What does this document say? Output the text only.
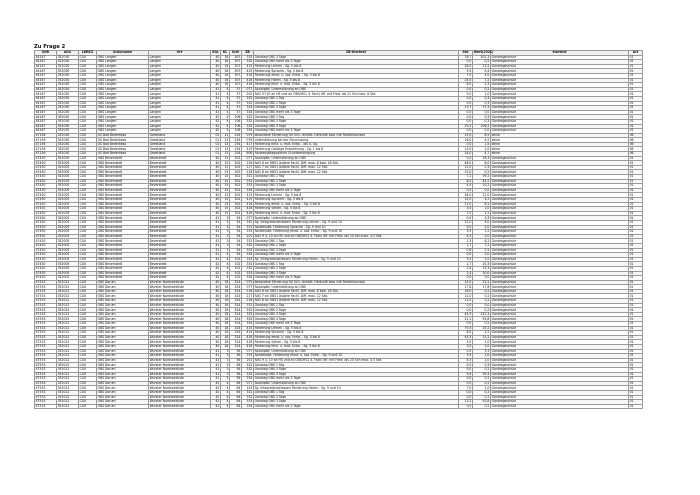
Zu Frage 2
SNR	AGS	LKRKZ	Schulname	Ort	SGL	KL	Schl	ZB	ZB-Klartext	Std	Wert(2021)	Klartext	Art
44167	352030	CUX	OBS Langen	Langen	40	16	307	333	Ganztag OBS 3 Tage	78,7	301,3	Ganztagsschule	01
44167	352030	CUX	OBS Langen	Langen	40	16	307	335	Ganztag OBS mehr als 3 Tage	0,0	0,2	Ganztagsschule	01
44167	352030	CUX	OBS Langen	Langen	40	16	307	415	Förderung Lernen - Sg. 5 bis 8	28,0	13,2	Ganztagsschule	01
44167	352030	CUX	OBS Langen	Langen	40	16	307	415	Förderung Sprache - Sg. 5 bis 8	5,5	3,4	Ganztagsschule	01
44167	352030	CUX	OBS Langen	Langen	40	16	307	416	Förderung emot. u. soz. Entw. - Sg. 5 bis 8	7,0	4,0	Ganztagsschule	01
44167	352030	CUX	OBS Langen	Langen	40	16	307	416	Förderung Hören - Sg. 5 bis 8	24,5	7,2	Ganztagsschule	01
44167	352030	CUX	OBS Langen	Langen	40	16	307	418	Förderung Kmz. u. mot. Entw. - Sg. 5 bis 8	8,0	2,3	Ganztagsschule	01
44167	352030	CUX	OBS Langen	Langen	41	4	57	077	Sozialpäd. Unterstützung an OBS	0,0	0,2	Ganztagsschule	01
44167	352030	CUX	OBS Langen	Langen	41	4	57	202	SdG 9+10 an HS und an OBS/HS1 4. Fach/ öff. mit Freiz. ab 21 Sch max. 8 Std.	9,0	1,0	Ganztagsschule	01
44167	352030	CUX	OBS Langen	Langen	41	4	57	331	Ganztag OBS 1 Tag	0,0	0,3	Ganztagsschule	01
44167	352030	CUX	OBS Langen	Langen	41	4	57	332	Ganztag OBS 2 Tage	0,0	0,3	Ganztagsschule	01
44167	352030	CUX	OBS Langen	Langen	41	4	57	333	Ganztag OBS 3 Tage	13,7	57,3	Ganztagsschule	01
44167	352030	CUX	OBS Langen	Langen	41	4	57	334	Ganztag OBS mehr als 3 Tage	0,0	0,0	Ganztagsschule	01
44167	352030	CUX	OBS Langen	Langen	42	4	106	331	Ganztag OBS 1 Tag	0,0	0,3	Ganztagsschule	01
44167	352030	CUX	OBS Langen	Langen	42	4	106	332	Ganztag OBS 2 Tage	0,0	0,3	Ganztagsschule	01
44167	352030	CUX	OBS Langen	Langen	42	4	106	333	Ganztag OBS 3 Tage	25,5	106,2	Ganztagsschule	01
44167	352030	CUX	OBS Langen	Langen	42	4	106	334	Ganztag OBS mehr als 3 Tage	0,0	0,0	Ganztagsschule	01
47156	352030	CUX	GS Bad Bederkesa	Geestland	01	13	254	075	besondere Förderung für Sch. nichtdt. Herkunft bzw. mit Förderkonzept	15,0	8,5	keine	06
47156	352030	CUX	GS Bad Bederkesa	Geestland	01	13	254	076	Unterstützung bei der Einschulung	16,0	4,5	keine	06
47156	352030	CUX	GS Bad Bederkesa	Geestland	01	13	254	417	Förderung Kmz. u. mot. Entw. - bis 4. Sg.	0,0	1,5	keine	06
47156	352030	CUX	GS Bad Bederkesa	Geestland	01	13	254	419	Förderung Geistige Entwicklung - Sg. 1 bis 8	13,0	2,0	keine	06
47156	352030	CUX	GS Bad Bederkesa	Geestland	01	13	254	606	Sonderpädagogische Grundversorgung	24,0	4,7	keine	06
47430	352005	CUX	OBS Beverstedt	Beverstedt	40	13	302	077	Sozialpäd. Unterstützung an OBS	0,0	18,3	Ganztagsschule	01
47430	352005	CUX	OBS Beverstedt	Beverstedt	40	15	302	216	SdG 8 an OBS1 äußere Fachl. Diff. max. 8 bzw. 16 Std.	48,0	6,0	Ganztagsschule	01
47430	352005	CUX	OBS Beverstedt	Beverstedt	40	15	302	217	SdG 7 an OBS1 äußere Fachl. Diff. max. 12 Std.	12,0	0,3	Ganztagsschule	01
47430	352005	CUX	OBS Beverstedt	Beverstedt	40	15	302	218	SdG 8 an OBS1 äußere Fachl. Diff. max. 12 Std.	12,0	0,2	Ganztagsschule	01
47430	352005	CUX	OBS Beverstedt	Beverstedt	40	15	302	331	Ganztag OBS 1 Tag	7,2	39,2	Ganztagsschule	01
47430	352005	CUX	OBS Beverstedt	Beverstedt	40	15	302	332	Ganztag OBS 2 Tage	8,0	44,2	Ganztagsschule	01
47430	352005	CUX	OBS Beverstedt	Beverstedt	40	15	302	333	Ganztag OBS 3 Tage	4,9	20,2	Ganztagsschule	01
47430	352005	CUX	OBS Beverstedt	Beverstedt	40	15	302	334	Ganztag OBS mehr als 3 Tage	0,0	0,0	Ganztagsschule	01
47430	352005	CUX	OBS Beverstedt	Beverstedt	40	15	302	415	Förderung Lernen - Sg. 5 bis 8	36,0	12,0	Ganztagsschule	01
47430	352005	CUX	OBS Beverstedt	Beverstedt	40	15	302	415	Förderung Sprache - Sg. 5 bis 8	15,0	4,2	Ganztagsschule	01
47430	352005	CUX	OBS Beverstedt	Beverstedt	40	15	302	416	Förderung emot. u. soz. Entw. - Sg. 5 bis 8	21,0	6,2	Ganztagsschule	01
47430	352005	CUX	OBS Beverstedt	Beverstedt	40	15	302	416	Förderung Sehen - Sg. 5 bis 8	3,5	1,0	Ganztagsschule	01
47430	352005	CUX	OBS Beverstedt	Beverstedt	40	15	302	418	Förderung Kmz. u. mot. Entw. - Sg. 5 bis 8	7,0	1,2	Ganztagsschule	01
47430	352005	CUX	OBS Beverstedt	Beverstedt	41	3	54	077	Sozialpäd. Unterstützung an OBS	0,0	3,3	Ganztagsschule	01
47430	352005	CUX	OBS Beverstedt	Beverstedt	41	3	54	142	Sg. Integrationsklassen Förderung Lernen - Sg. 9 und 10	21,0	4,0	Ganztagsschule	01
47430	352005	CUX	OBS Beverstedt	Beverstedt	41	3	54	151	Sonderpäd. Förderung Sprache - Sg. 9 und 10	9,0	2,0	Ganztagsschule	01
47430	352005	CUX	OBS Beverstedt	Beverstedt	41	3	54	153	Sonderpäd. Förderung emot. u. soz. Entw. - Sg. 9 und 10	3,5	1,2	Ganztagsschule	01
47430	352005	CUX	OBS Beverstedt	Beverstedt	41	3	54	201	SdG 9 u. 10 an HS und an OBS/HS1 4. Fach/ öff. mit Freiz. bis 20 Sch max. 4,5 Std.	4,5	2,0	Ganztagsschule	01
47430	352005	CUX	OBS Beverstedt	Beverstedt	41	3	54	331	Ganztag OBS 1 Tag	1,5	8,2	Ganztagsschule	01
47430	352005	CUX	OBS Beverstedt	Beverstedt	41	3	54	332	Ganztag OBS 2 Tage	1,7	7,2	Ganztagsschule	01
47430	352005	CUX	OBS Beverstedt	Beverstedt	41	3	54	333	Ganztag OBS 3 Tage	0,6	2,5	Ganztagsschule	01
47430	352005	CUX	OBS Beverstedt	Beverstedt	41	4	54	334	Ganztag OBS mehr als 3 Tage	0,0	0,0	Ganztagsschule	01
47430	352005	CUX	OBS Beverstedt	Beverstedt	42	4	102	143	Sg. Integrationsklassen Förderung Hören - Sg. 9 und 10	3,5	1,0	Ganztagsschule	01
47430	352005	CUX	OBS Beverstedt	Beverstedt	42	4	102	331	Ganztag OBS 1 Tag	1,7	20,3	Ganztagsschule	01
47430	352005	CUX	OBS Beverstedt	Beverstedt	42	4	102	332	Ganztag OBS 2 Tage	2,4	15,3	Ganztagsschule	01
47430	352005	CUX	OBS Beverstedt	Beverstedt	42	4	102	333	Ganztag OBS 3 Tage	2,4	10,0	Ganztagsschule	01
47430	352005	CUX	OBS Beverstedt	Beverstedt	42	4	102	334	Ganztag OBS mehr als 3 Tage	0,0	0,0	Ganztagsschule	01
47533	352012	CUX	OBS Dorum	Wurster Nordseeküste	40	18	324	075	besondere Förderung für Sch. nichtdt. Herkunft bzw. mit Förderkonzept	15,0	22,2	Ganztagsschule	01
47533	352012	CUX	OBS Dorum	Wurster Nordseeküste	40	18	324	077	Sozialpäd. Unterstützung an OBS	17,8	17,8	Ganztagsschule	01
47533	352012	CUX	OBS Dorum	Wurster Nordseeküste	40	18	324	216	SdG 6 an OBS1 äußere Fachl. Diff. max. 8 bzw. 16 Std.	16,0	0,2	Ganztagsschule	01
47533	352012	CUX	OBS Dorum	Wurster Nordseeküste	40	18	324	217	SdG 7 an OBS1 äußere Fachl. Diff. max. 12 Std.	12,0	0,2	Ganztagsschule	01
47533	352012	CUX	OBS Dorum	Wurster Nordseeküste	40	18	324	218	SdG 8 an OBS1 äußere Fachl. Diff. max. 12 Std.	12,0	0,2	Ganztagsschule	01
47533	352012	CUX	OBS Dorum	Wurster Nordseeküste	40	18	324	331	Ganztag OBS 1 Tag	0,0	0,0	Ganztagsschule	01
47533	352012	CUX	OBS Dorum	Wurster Nordseeküste	40	18	324	332	Ganztag OBS 2 Tage	0,0	0,2	Ganztagsschule	01
47533	352012	CUX	OBS Dorum	Wurster Nordseeküste	40	18	324	333	Ganztag OBS 3 Tage	44,5	242,3	Ganztagsschule	01
47533	352012	CUX	OBS Dorum	Wurster Nordseeküste	40	18	324	333	Ganztag OBS 3 Tage	21,1	92,8	Ganztagsschule	01
47533	352012	CUX	OBS Dorum	Wurster Nordseeküste	40	18	324	334	Ganztag OBS mehr als 3 Tage	0,0	0,2	Ganztagsschule	01
47533	352012	CUX	OBS Dorum	Wurster Nordseeküste	40	18	324	415	Förderung Lernen - Sg. 5 bis 8	75,5	25,2	Ganztagsschule	01
47533	352012	CUX	OBS Dorum	Wurster Nordseeküste	40	18	324	415	Förderung Sprache - Sg. 5 bis 8	8,0	2,2	Ganztagsschule	01
47533	352012	CUX	OBS Dorum	Wurster Nordseeküste	40	18	324	416	Förderung emot. u. soz. Entw. - Sg. 5 bis 8	45,5	15,2	Ganztagsschule	01
47533	352012	CUX	OBS Dorum	Wurster Nordseeküste	40	18	324	416	Förderung Sehen - Sg. 5 bis 8	3,5	1,0	Ganztagsschule	01
47533	352012	CUX	OBS Dorum	Wurster Nordseeküste	40	18	324	418	Förderung Kmz. u. mot. Entw. - Sg. 5 bis 8	3,5	1,0	Ganztagsschule	01
47533	352012	CUX	OBS Dorum	Wurster Nordseeküste	41	3	56	077	Sozialpäd. Unterstützung an OBS	0,0	3,3	Ganztagsschule	01
47533	352012	CUX	OBS Dorum	Wurster Nordseeküste	41	3	56	153	Sonderpäd. Förderung emot. u. soz. Entw. - Sg. 9 und 10	3,5	2,0	Ganztagsschule	01
47533	352012	CUX	OBS Dorum	Wurster Nordseeküste	41	3	56	201	SdG 9 u. 10 an HS und an OBS/HS1 4. Fach/ öff. mit Freiz. bis 20 Sch max. 4,5 Std.	4,5	2,0	Ganztagsschule	01
47533	352012	CUX	OBS Dorum	Wurster Nordseeküste	41	3	56	331	Ganztag OBS 1 Tag	0,0	0,3	Ganztagsschule	01
47533	352012	CUX	OBS Dorum	Wurster Nordseeküste	41	3	56	332	Ganztag OBS 2 Tage	0,0	0,2	Ganztagsschule	01
47533	352012	CUX	OBS Dorum	Wurster Nordseeküste	41	3	56	333	Ganztag OBS 3 Tage	9,4	39,3	Ganztagsschule	01
47533	352012	CUX	OBS Dorum	Wurster Nordseeküste	41	3	56	334	Ganztag OBS mehr als 3 Tage	0,0	0,2	Ganztagsschule	01
47533	352012	CUX	OBS Dorum	Wurster Nordseeküste	42	4	64	077	Sozialpäd. Unterstützung an OBS	0,0	0,2	Ganztagsschule	01
47533	352012	CUX	OBS Dorum	Wurster Nordseeküste	42	4	64	143	Sg. Integrationsklassen Förderung Hören - Sg. 9 und 10	7,0	2,0	Ganztagsschule	01
47533	352012	CUX	OBS Dorum	Wurster Nordseeküste	42	4	64	331	Ganztag OBS 1 Tag	0,0	0,2	Ganztagsschule	01
47533	352012	CUX	OBS Dorum	Wurster Nordseeküste	42	4	64	332	Ganztag OBS 2 Tage	0,0	0,2	Ganztagsschule	01
47533	352012	CUX	OBS Dorum	Wurster Nordseeküste	42	4	64	333	Ganztag OBS 3 Tage	13,2	92,8	Ganztagsschule	01
47533	352012	CUX	OBS Dorum	Wurster Nordseeküste	42	4	64	334	Ganztag OBS mehr als 3 Tage	0,0	0,2	Ganztagsschule	01
